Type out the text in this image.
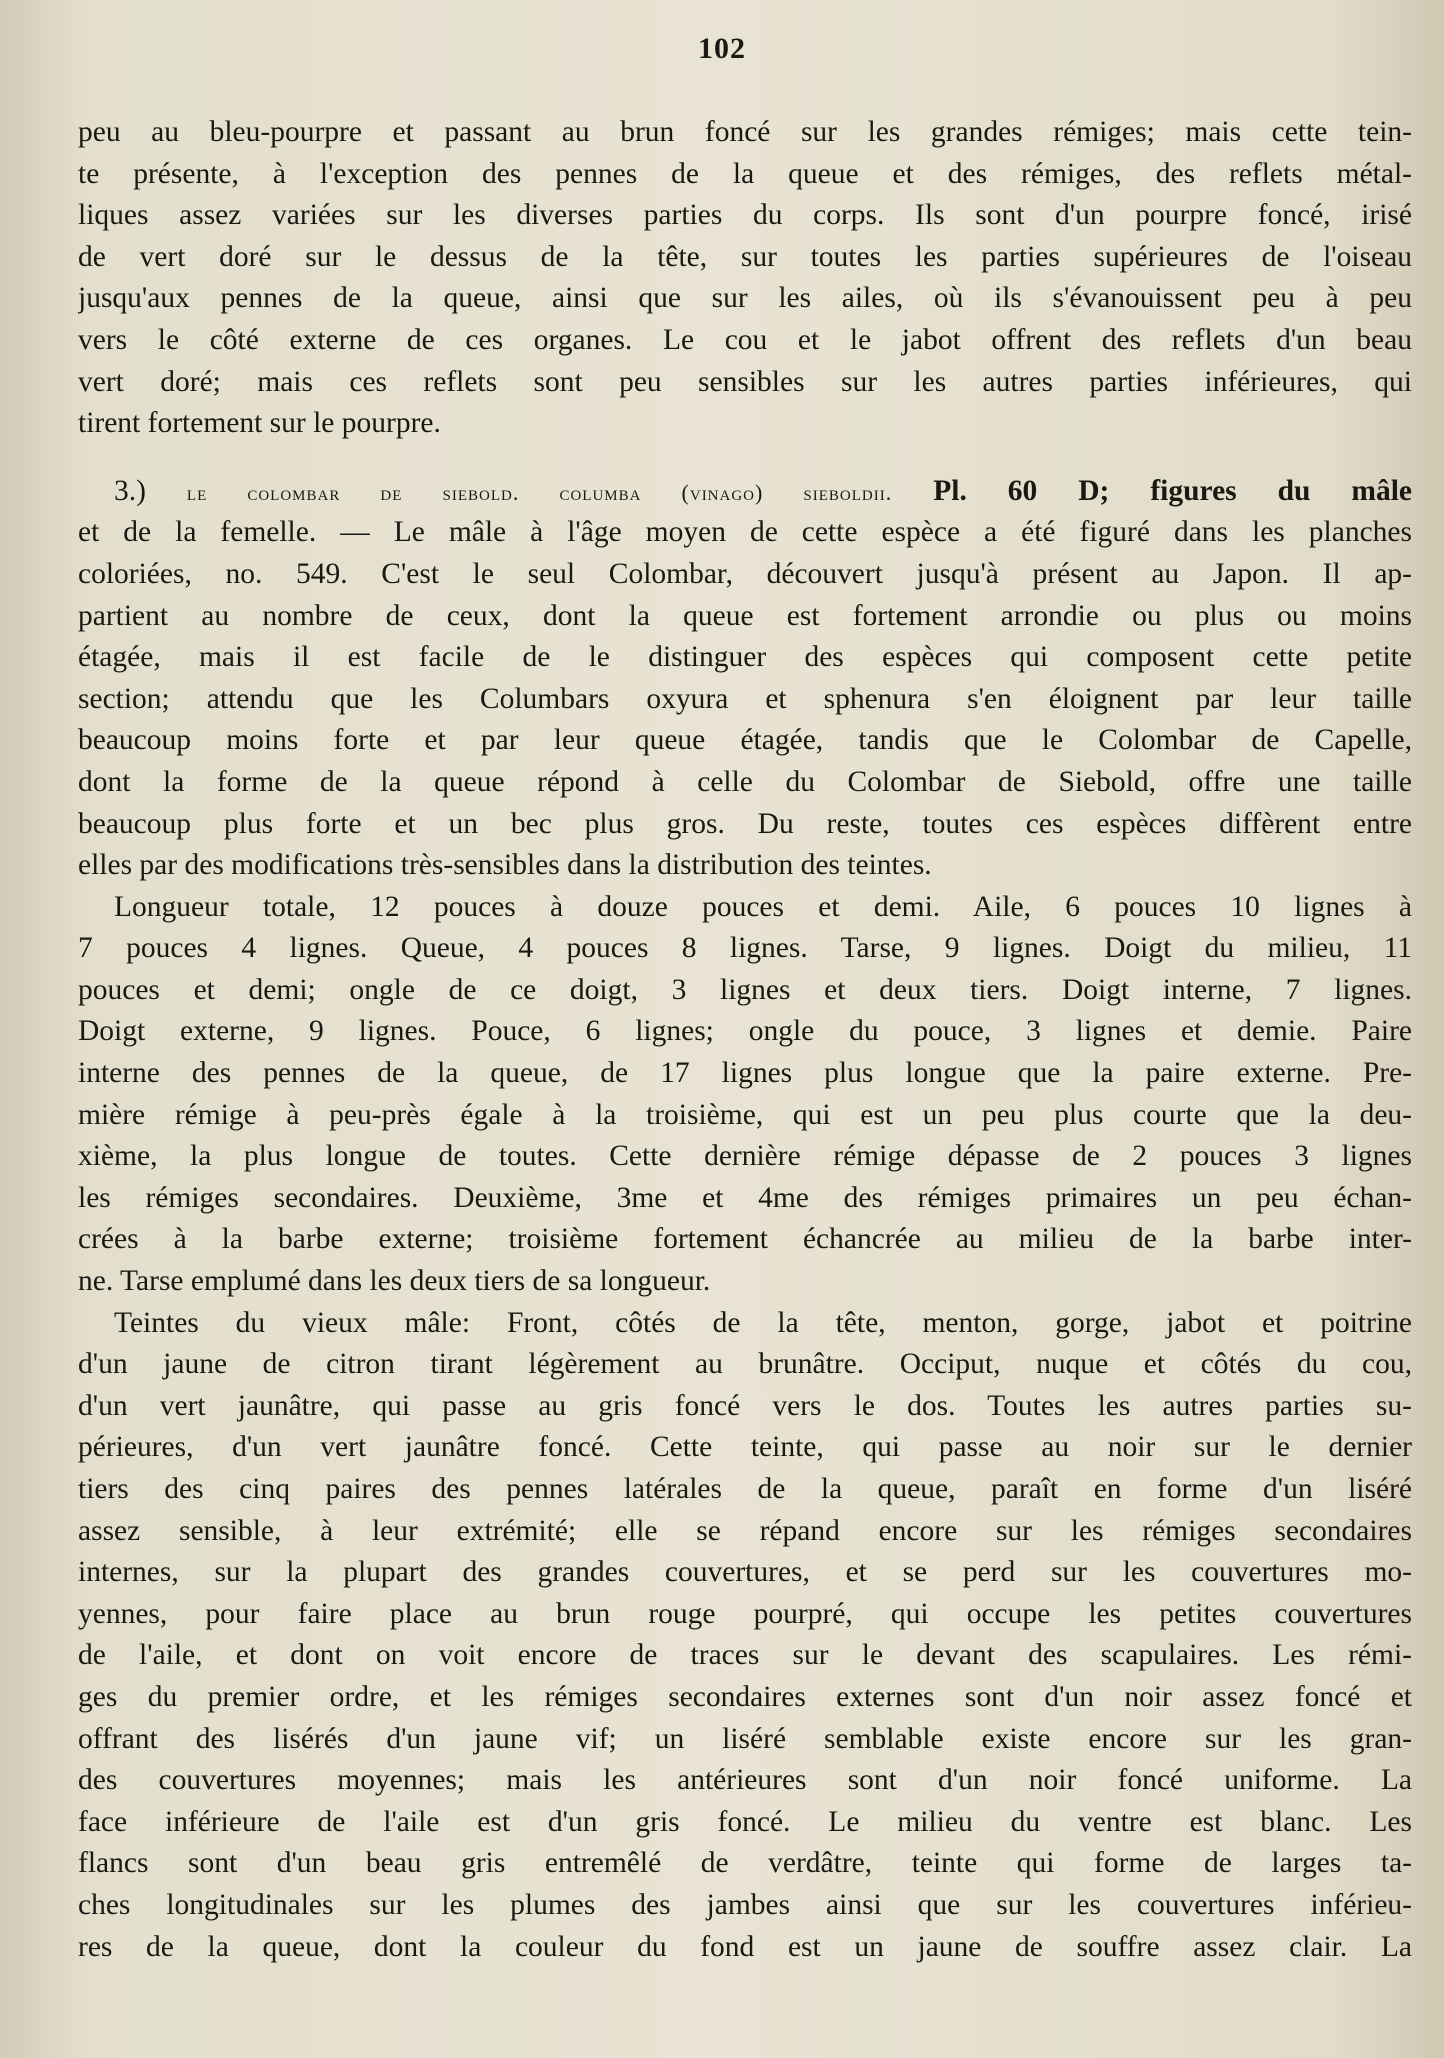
102
peu au bleu-pourpre et passant au brun foncé sur les grandes rémiges; mais cette tein-
te présente, à l'exception des pennes de la queue et des rémiges, des reflets métal-
liques assez variées sur les diverses parties du corps. Ils sont d'un pourpre foncé, irisé
de vert doré sur le dessus de la tête, sur toutes les parties supérieures de l'oiseau
jusqu'aux pennes de la queue, ainsi que sur les ailes, où ils s'évanouissent peu à peu
vers le côté externe de ces organes. Le cou et le jabot offrent des reflets d'un beau
vert doré; mais ces reflets sont peu sensibles sur les autres parties inférieures, qui
tirent fortement sur le pourpre.
3.) le colombar de siebold. columba (vinago) sieboldii. Pl. 60 D; figures du mâle
et de la femelle. — Le mâle à l'âge moyen de cette espèce a été figuré dans les planches
coloriées, no. 549. C'est le seul Colombar, découvert jusqu'à présent au Japon. Il ap-
partient au nombre de ceux, dont la queue est fortement arrondie ou plus ou moins
étagée, mais il est facile de le distinguer des espèces qui composent cette petite
section; attendu que les Columbars oxyura et sphenura s'en éloignent par leur taille
beaucoup moins forte et par leur queue étagée, tandis que le Colombar de Capelle,
dont la forme de la queue répond à celle du Colombar de Siebold, offre une taille
beaucoup plus forte et un bec plus gros. Du reste, toutes ces espèces diffèrent entre
elles par des modifications très-sensibles dans la distribution des teintes.
Longueur totale, 12 pouces à douze pouces et demi. Aile, 6 pouces 10 lignes à
7 pouces 4 lignes. Queue, 4 pouces 8 lignes. Tarse, 9 lignes. Doigt du milieu, 11
pouces et demi; ongle de ce doigt, 3 lignes et deux tiers. Doigt interne, 7 lignes.
Doigt externe, 9 lignes. Pouce, 6 lignes; ongle du pouce, 3 lignes et demie. Paire
interne des pennes de la queue, de 17 lignes plus longue que la paire externe. Pre-
mière rémige à peu-près égale à la troisième, qui est un peu plus courte que la deu-
xième, la plus longue de toutes. Cette dernière rémige dépasse de 2 pouces 3 lignes
les rémiges secondaires. Deuxième, 3me et 4me des rémiges primaires un peu échan-
crées à la barbe externe; troisième fortement échancrée au milieu de la barbe inter-
ne. Tarse emplumé dans les deux tiers de sa longueur.
Teintes du vieux mâle: Front, côtés de la tête, menton, gorge, jabot et poitrine
d'un jaune de citron tirant légèrement au brunâtre. Occiput, nuque et côtés du cou,
d'un vert jaunâtre, qui passe au gris foncé vers le dos. Toutes les autres parties su-
périeures, d'un vert jaunâtre foncé. Cette teinte, qui passe au noir sur le dernier
tiers des cinq paires des pennes latérales de la queue, paraît en forme d'un liséré
assez sensible, à leur extrémité; elle se répand encore sur les rémiges secondaires
internes, sur la plupart des grandes couvertures, et se perd sur les couvertures mo-
yennes, pour faire place au brun rouge pourpré, qui occupe les petites couvertures
de l'aile, et dont on voit encore de traces sur le devant des scapulaires. Les rémi-
ges du premier ordre, et les rémiges secondaires externes sont d'un noir assez foncé et
offrant des lisérés d'un jaune vif; un liséré semblable existe encore sur les gran-
des couvertures moyennes; mais les antérieures sont d'un noir foncé uniforme. La
face inférieure de l'aile est d'un gris foncé. Le milieu du ventre est blanc. Les
flancs sont d'un beau gris entremêlé de verdâtre, teinte qui forme de larges ta-
ches longitudinales sur les plumes des jambes ainsi que sur les couvertures inférieu-
res de la queue, dont la couleur du fond est un jaune de souffre assez clair. La
